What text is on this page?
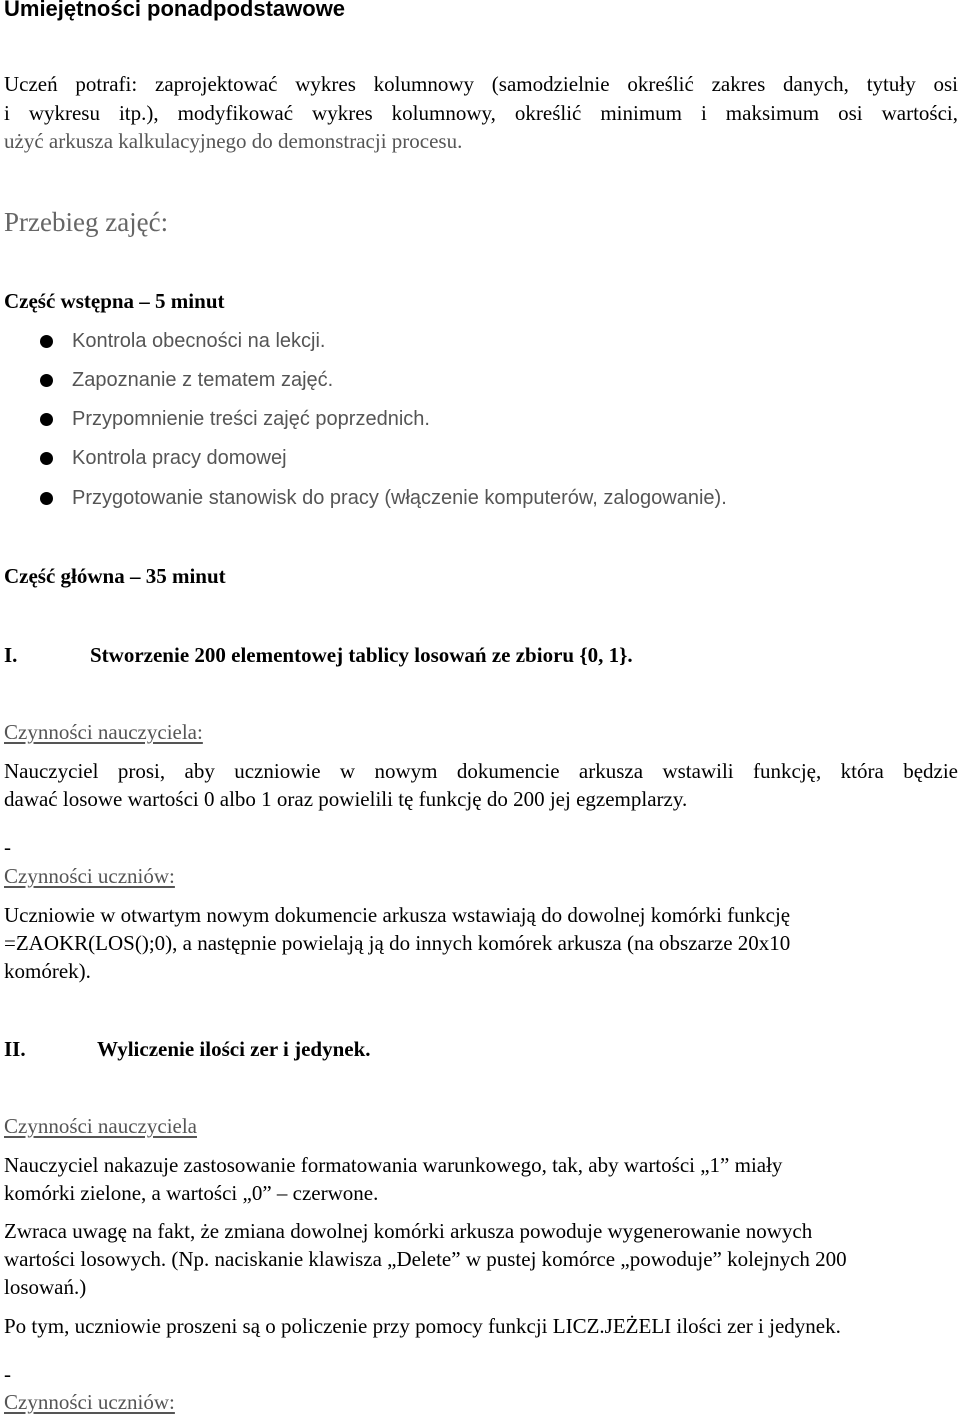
Umiejętności ponadpodstawowe
Uczeń potrafi: zaprojektować wykres kolumnowy (samodzielnie określić zakres danych, tytuły osi
i wykresu itp.), modyfikować wykres kolumnowy, określić minimum i maksimum osi wartości,
użyć arkusza kalkulacyjnego do demonstracji procesu.
Przebieg zajęć:
Część wstępna – 5 minut
Kontrola obecności na lekcji.
Zapoznanie z tematem zajęć.
Przypomnienie treści zajęć poprzednich.
Kontrola pracy domowej
Przygotowanie stanowisk do pracy (włączenie komputerów, zalogowanie).
Część główna – 35 minut
I.	Stworzenie 200 elementowej tablicy losowań ze zbioru {0, 1}.
Czynności nauczyciela:
Nauczyciel prosi, aby uczniowie w nowym dokumencie arkusza wstawili funkcję, która będzie
dawać losowe wartości 0 albo 1 oraz powielili tę funkcję do 200 jej egzemplarzy.
-
Czynności uczniów:
Uczniowie w otwartym nowym dokumencie arkusza wstawiają do dowolnej komórki funkcję
=ZAOKR(LOS();0), a następnie powielają ją do innych komórek arkusza (na obszarze 20x10
komórek).
II.	Wyliczenie ilości zer i jedynek.
Czynności nauczyciela
Nauczyciel nakazuje zastosowanie formatowania warunkowego, tak, aby wartości „1” miały
komórki zielone, a wartości „0” – czerwone.
Zwraca uwagę na fakt, że zmiana dowolnej komórki arkusza powoduje wygenerowanie nowych
wartości losowych. (Np. naciskanie klawisza „Delete” w pustej komórce „powoduje” kolejnych 200
losowań.)
Po tym, uczniowie proszeni są o policzenie przy pomocy funkcji LICZ.JEŻELI ilości zer i jedynek.
-
Czynności uczniów:
